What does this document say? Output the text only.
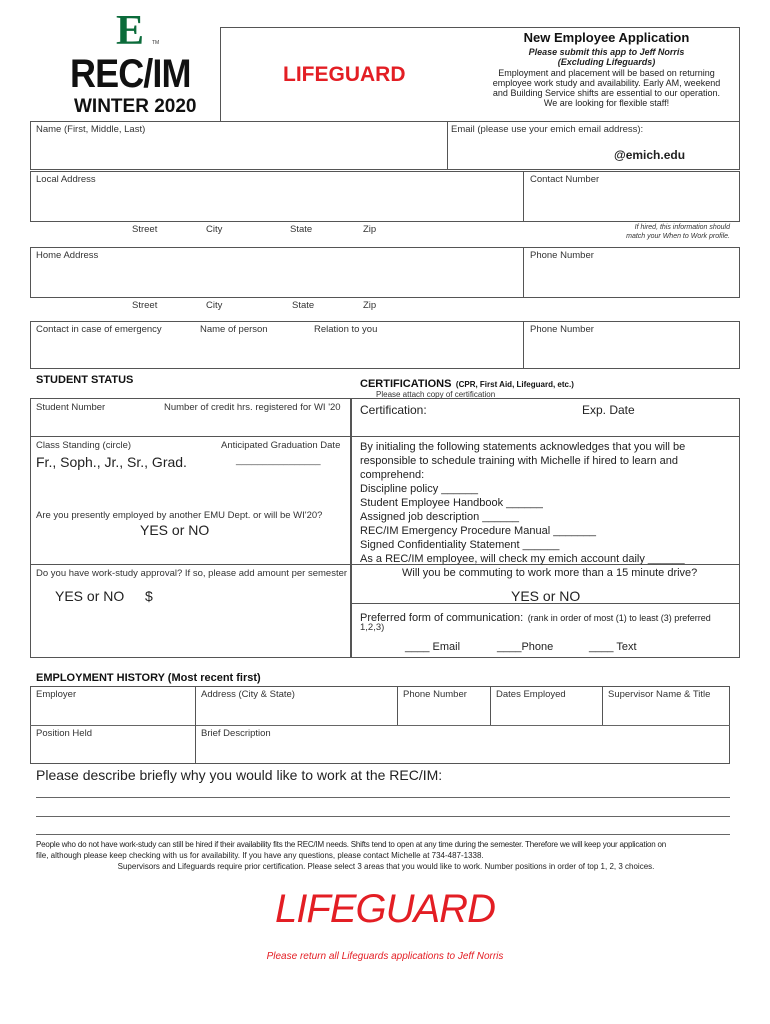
E TM
REC/IM
WINTER 2020
LIFEGUARD
New Employee Application
Please submit this app to Jeff Norris
(Excluding Lifeguards)
Employment and placement will be based on returning
employee work study and availability. Early AM, weekend
and Building Service shifts are essential to our operation.
We are looking for flexible staff!
Name (First, Middle, Last)	Email (please use your emich email address):
@emich.edu
Local Address	Contact Number
Street	City	State	Zip	If hired, this information should
match your When to Work profile.
Home Address	Phone Number
Street	City	State	Zip
Contact in case of emergency	Name of person	Relation to you	Phone Number
STUDENT STATUS	CERTIFICATIONS (CPR, First Aid, Lifeguard, etc.)
Please attach copy of certification
Student Number	Number of credit hrs. registered for WI '20
Class Standing (circle)	Anticipated Graduation Date
Fr., Soph., Jr., Sr., Grad.	________________
Are you presently employed by another EMU Dept. or will be WI'20?
YES or NO
Do you have work-study approval? If so, please add amount per semester
YES or NO $
Certification:	Exp. Date
By initialing the following statements acknowledges that you will be
responsible to schedule training with Michelle if hired to learn and
comprehend:
Discipline policy ______
Student Employee Handbook ______
Assigned job description ______
REC/IM Emergency Procedure Manual _______
Signed Confidentiality Statement ______
As a REC/IM employee, will check my emich account daily ______
Will you be commuting to work more than a 15 minute drive?
YES or NO
Preferred form of communication: (rank in order of most (1) to least (3) preferred
1,2,3)
____ Email	____Phone	____ Text
EMPLOYMENT HISTORY (Most recent first)
Employer	Address (City & State)	Phone Number	Dates Employed	Supervisor Name & Title
Position Held	Brief Description
Please describe briefly why you would like to work at the REC/IM:
People who do not have work-study can still be hired if their availability fits the REC/IM needs. Shifts tend to open at any time during the semester. Therefore we will keep your application on
file, although please keep checking with us for availability. If you have any questions, please contact Michelle at 734-487-1338.
Supervisors and Lifeguards require prior certification. Please select 3 areas that you would like to work. Number positions in order of top 1, 2, 3 choices.
LIFEGUARD
Please return all Lifeguards applications to Jeff Norris
